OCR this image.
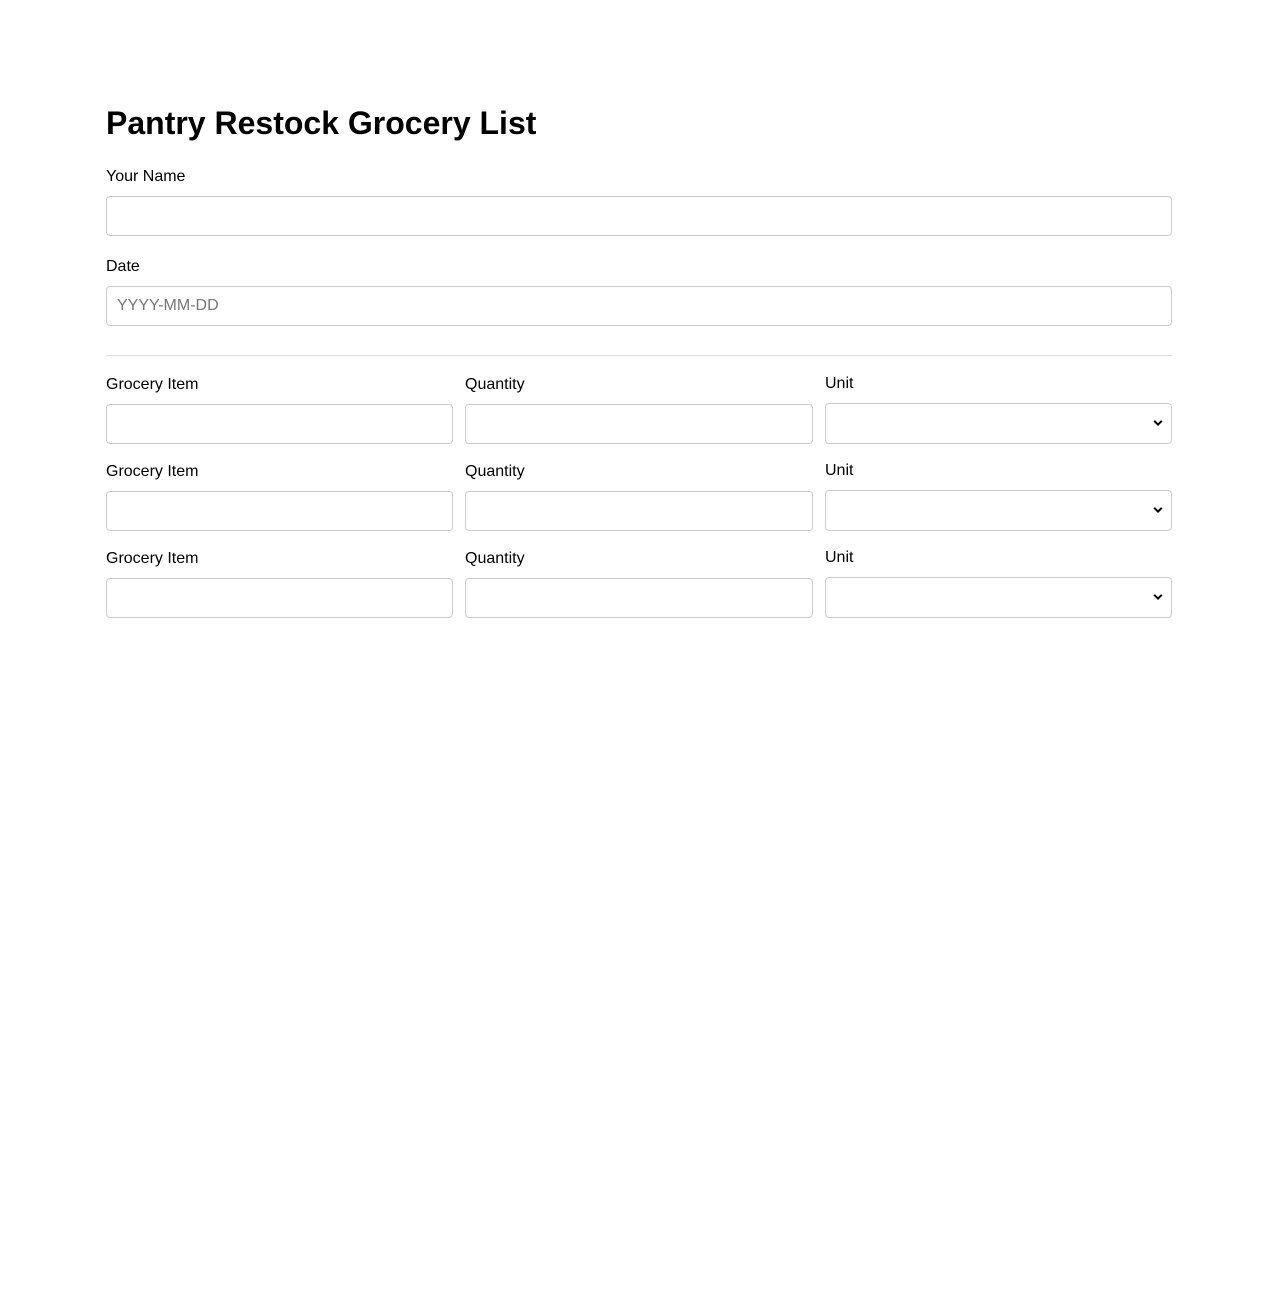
Pantry Restock Grocery List
Your Name
Date
YYYY-MM-DD
Grocery Item	Quantity	Unit
Grocery Item	Quantity	Unit
Grocery Item	Quantity	Unit
